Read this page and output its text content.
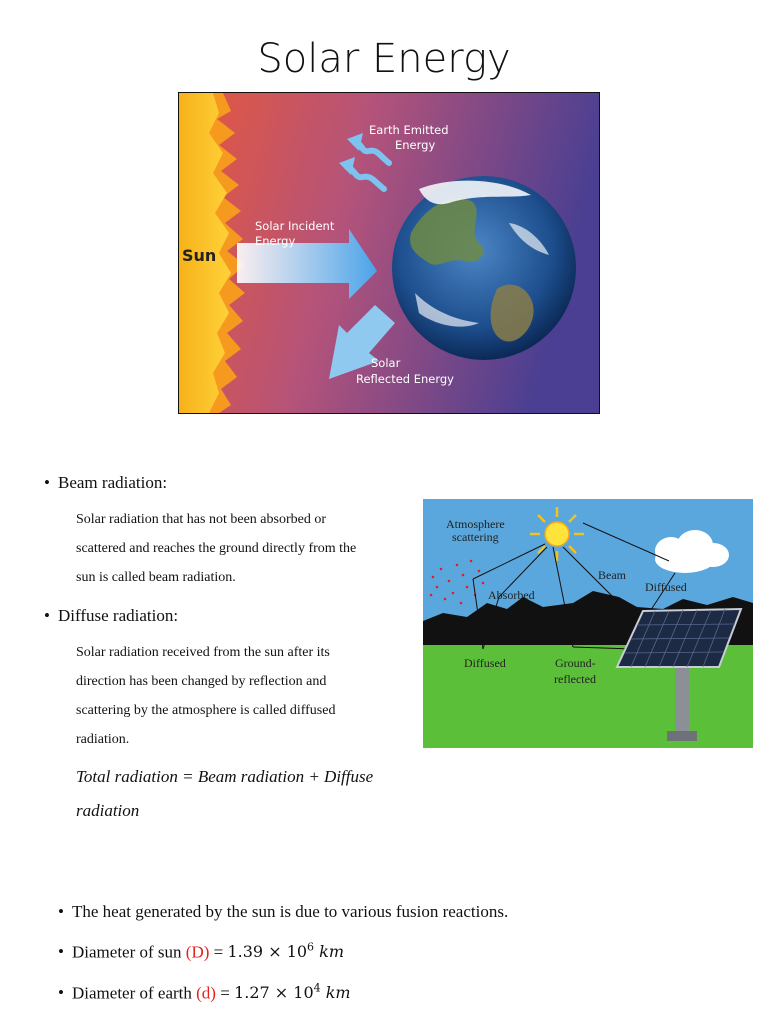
Solar Energy
Sun
Solar Incident
Energy
Earth Emitted
Energy
Solar
Reflected Energy
• Beam radiation:
Solar radiation that has not been absorbed or
scattered and reaches the ground directly from the
sun is called beam radiation.
• Diffuse radiation:
Solar radiation received from the sun after its
direction has been changed by reflection and
scattering by the atmosphere is called diffused
radiation.
Total radiation = Beam radiation + Diffuse
radiation
Atmosphere
scattering
Beam
Diffused
Absorbed
Diffused	Ground-
reflected
• The heat generated by the sun is due to various fusion reactions.
• Diameter of sun $(D) = 1.39 \times 10^6$ km
• Diameter of earth $(d) = 1.27 \times 10^4$ km
